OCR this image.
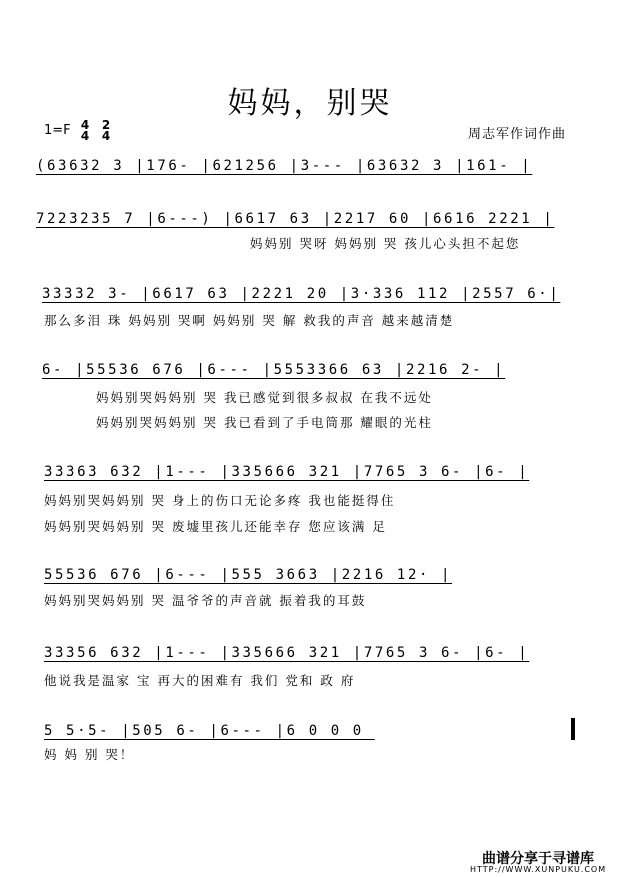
妈妈，别哭
1=F 4
4
2
4	周志军作词作曲
(63632 3 |176- |621256 |3--- |63632 3 |161- |
7223235 7 |6---) |6617 63 |2217 60 |6616 2221 |
妈妈别 哭呀 妈妈别 哭 孩儿心头担不起您
33332 3- |6617 63 |2221 20 |3·336 112 |2557 6·|
那么多泪 珠 妈妈别 哭啊 妈妈别 哭 解 救我的声音 越来越清楚
6- |55536 676 |6--- |5553366 63 |2216 2- |
妈妈别哭妈妈别 哭 我已感觉到很多叔叔 在我不远处
妈妈别哭妈妈别 哭 我已看到了手电筒那 耀眼的光柱
33363 632 |1--- |335666 321 |7765 3 6- |6- |
妈妈别哭妈妈别 哭 身上的伤口无论多疼 我也能挺得住
妈妈别哭妈妈别 哭 废墟里孩儿还能幸存 您应该满 足
55536 676 |6--- |555 3663 |2216 12· |
妈妈别哭妈妈别 哭 温爷爷的声音就 振着我的耳鼓
33356 632 |1--- |335666 321 |7765 3 6- |6- |
他说我是温家 宝 再大的困难有 我们 党和 政 府
5 5·5- |505 6- |6--- |6 0 0 0
妈 妈 别 哭！
曲谱分享于寻谱库
HTTP://WWW.XUNPUKU.COM
